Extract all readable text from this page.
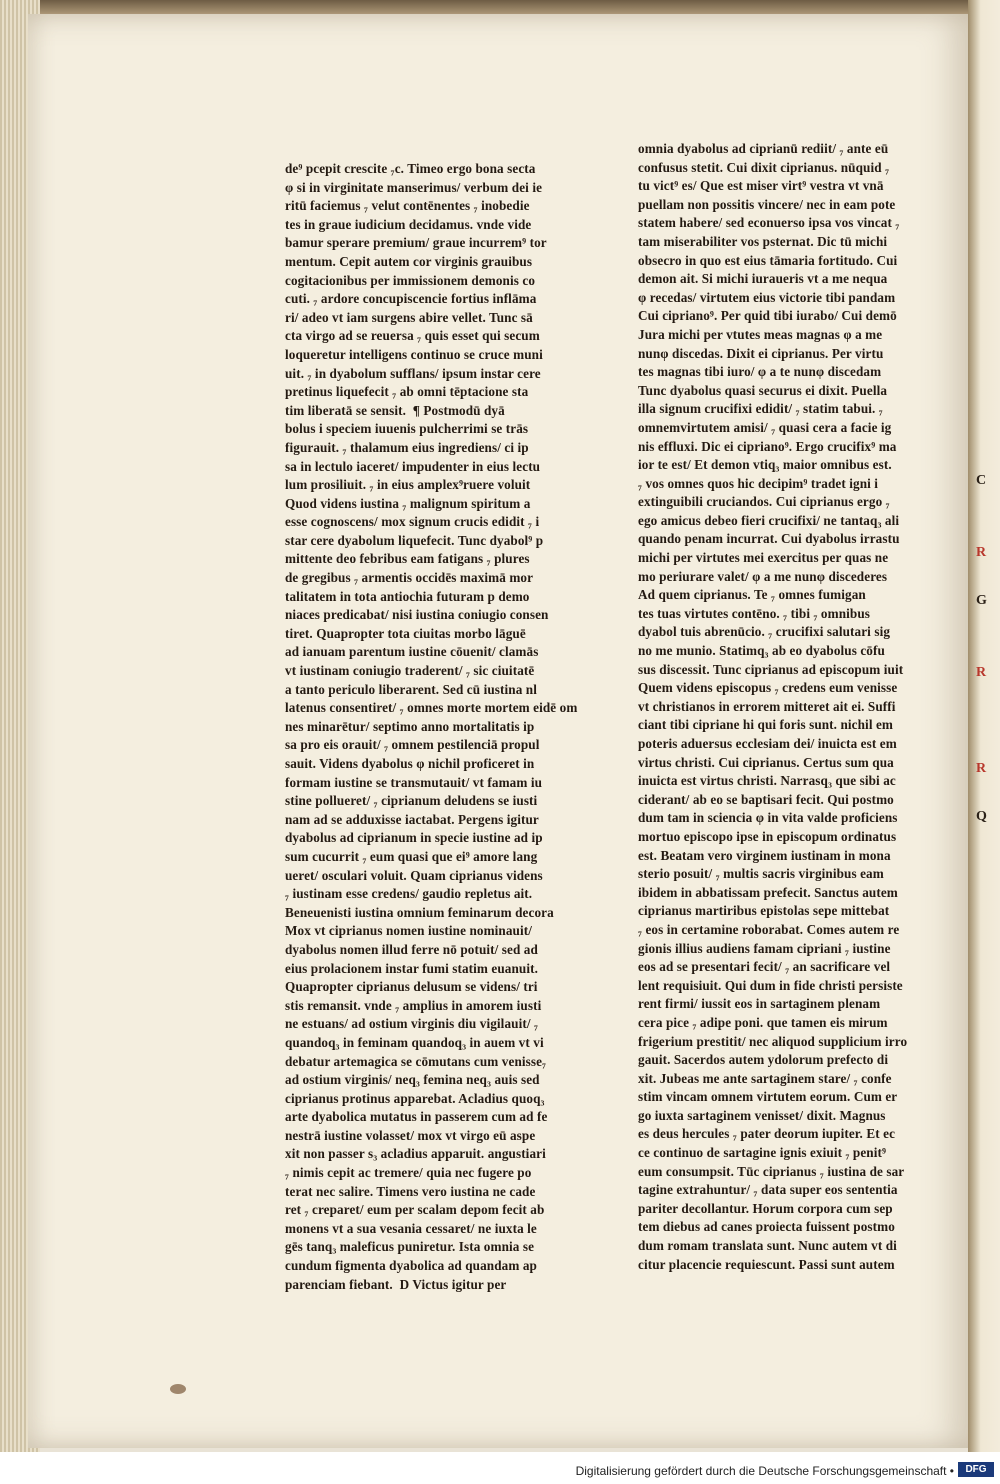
de⁹ pcepit crescite ₇c. Timeo ergo bona secta
φ si in virginitate manserimus/ verbum dei ie
ritū faciemus ₇ velut contēnentes ₇ inobedie
tes in graue iudicium decidamus. vnde vide
bamur sperare premium/ graue incurrem⁹ tor
mentum. Cepit autem cor virginis grauibus
cogitacionibus per immissionem demonis co
cuti. ₇ ardore concupiscencie fortius inflāma
ri/ adeo vt iam surgens abire vellet. Tunc sā
cta virgo ad se reuersa ₇ quis esset qui secum
loqueretur intelligens continuo se cruce muni
uit. ₇ in dyabolum sufflans/ ipsum instar cere
pretinus liquefecit ₇ ab omni tēptacione sta
tim liberatā se sensit.  ¶ Postmodū dyā
bolus i speciem iuuenis pulcherrimi se trās
figurauit. ₇ thalamum eius ingrediens/ ci ip
sa in lectulo iaceret/ impudenter in eius lectu
lum prosiliuit. ₇ in eius amplex⁹ruere voluit
Quod videns iustina ₇ malignum spiritum a
esse cognoscens/ mox signum crucis edidit ₇ i
star cere dyabolum liquefecit. Tunc dyabol⁹ p
mittente deo febribus eam fatigans ₇ plures
de gregibus ₇ armentis occidēs maximā mor
talitatem in tota antiochia futuram p demo
niaces predicabat/ nisi iustina coniugio consen
tiret. Quapropter tota ciuitas morbo lāguē
ad ianuam parentum iustine cōuenit/ clamās
vt iustinam coniugio traderent/ ₇ sic ciuitatē
a tanto periculo liberarent. Sed cū iustina nl
latenus consentiret/ ₇ omnes morte mortem eidē om
nes minarētur/ septimo anno mortalitatis ip
sa pro eis orauit/ ₇ omnem pestilenciā propul
sauit. Videns dyabolus φ nichil proficeret in
formam iustine se transmutauit/ vt famam iu
stine pollueret/ ₇ ciprianum deludens se iusti
nam ad se adduxisse iactabat. Pergens igitur
dyabolus ad ciprianum in specie iustine ad ip
sum cucurrit ₇ eum quasi que ei⁹ amore lang
ueret/ osculari voluit. Quam ciprianus videns
₇ iustinam esse credens/ gaudio repletus ait.
Beneuenisti iustina omnium feminarum decora
Mox vt ciprianus nomen iustine nominauit/
dyabolus nomen illud ferre nō potuit/ sed ad
eius prolacionem instar fumi statim euanuit.
Quapropter ciprianus delusum se videns/ tri
stis remansit. vnde ₇ amplius in amorem iusti
ne estuans/ ad ostium virginis diu vigilauit/ ₇
quandoq₃ in feminam quandoq₃ in auem vt vi
debatur artemagica se cōmutans cum venisse₇
ad ostium virginis/ neq₃ femina neq₃ auis sed
ciprianus protinus apparebat. Acladius quoq₃
arte dyabolica mutatus in passerem cum ad fe
nestrā iustine volasset/ mox vt virgo eū aspe
xit non passer s₃ acladius apparuit. angustiari
₇ nimis cepit ac tremere/ quia nec fugere po
terat nec salire. Timens vero iustina ne cade
ret ₇ creparet/ eum per scalam depom fecit ab
monens vt a sua vesania cessaret/ ne iuxta le
gēs tanq₃ maleficus puniretur. Ista omnia se
cundum figmenta dyabolica ad quandam ap
parenciam fiebant.  D Victus igitur per
omnia dyabolus ad ciprianū rediit/ ₇ ante eū
confusus stetit. Cui dixit ciprianus. nūquid ₇
tu vict⁹ es/ Que est miser virt⁹ vestra vt vnā
puellam non possitis vincere/ nec in eam pote
statem habere/ sed econuerso ipsa vos vincat ₇
tam miserabiliter vos psternat. Dic tū michi
obsecro in quo est eius tāmaria fortitudo. Cui
demon ait. Si michi iuraueris vt a me nequa
φ recedas/ virtutem eius victorie tibi pandam
Cui cipriano⁹. Per quid tibi iurabo/ Cui demō
Jura michi per vtutes meas magnas φ a me
nunφ discedas. Dixit ei ciprianus. Per virtu
tes magnas tibi iuro/ φ a te nunφ discedam
Tunc dyabolus quasi securus ei dixit. Puella
illa signum crucifixi edidit/ ₇ statim tabui. ₇
omnemvirtutem amisi/ ₇ quasi cera a facie ig
nis effluxi. Dic ei cipriano⁹. Ergo crucifix⁹ ma
ior te est/ Et demon vtiq₃ maior omnibus est.
₇ vos omnes quos hic decipim⁹ tradet igni i
extinguibili cruciandos. Cui ciprianus ergo ₇
ego amicus debeo fieri crucifixi/ ne tantaq₃ ali
quando penam incurrat. Cui dyabolus irrastu
michi per virtutes mei exercitus per quas ne
mo periurare valet/ φ a me nunφ discederes
Ad quem ciprianus. Te ₇ omnes fumigan
tes tuas virtutes contēno. ₇ tibi ₇ omnibus
dyabol tuis abrenūcio. ₇ crucifixi salutari sig
no me munio. Statimq₃ ab eo dyabolus cōfu
sus discessit. Tunc ciprianus ad episcopum iuit
Quem videns episcopus ₇ credens eum venisse
vt christianos in errorem mitteret ait ei. Suffi
ciant tibi cipriane hi qui foris sunt. nichil em
poteris aduersus ecclesiam dei/ inuicta est em
virtus christi. Cui ciprianus. Certus sum qua
inuicta est virtus christi. Narrasq₃ que sibi ac
ciderant/ ab eo se baptisari fecit. Qui postmo
dum tam in sciencia φ in vita valde proficiens
mortuo episcopo ipse in episcopum ordinatus
est. Beatam vero virginem iustinam in mona
sterio posuit/ ₇ multis sacris virginibus eam
ibidem in abbatissam prefecit. Sanctus autem
ciprianus martiribus epistolas sepe mittebat
₇ eos in certamine roborabat. Comes autem re
gionis illius audiens famam cipriani ₇ iustine
eos ad se presentari fecit/ ₇ an sacrificare vel
lent requisiuit. Qui dum in fide christi persiste
rent firmi/ iussit eos in sartaginem plenam
cera pice ₇ adipe poni. que tamen eis mirum
frigerium prestitit/ nec aliquod supplicium irro
gauit. Sacerdos autem ydolorum prefecto di
xit. Jubeas me ante sartaginem stare/ ₇ confe
stim vincam omnem virtutem eorum. Cum er
go iuxta sartaginem venisset/ dixit. Magnus
es deus hercules ₇ pater deorum iupiter. Et ec
ce continuo de sartagine ignis exiuit ₇ penit⁹
eum consumpsit. Tūc ciprianus ₇ iustina de sar
tagine extrahuntur/ ₇ data super eos sententia
pariter decollantur. Horum corpora cum sep
tem diebus ad canes proiecta fuissent postmo
dum romam translata sunt. Nunc autem vt di
citur placencie requiescunt. Passi sunt autem
C
R
G
R
R
Q
Digitalisierung gefördert durch die Deutsche Forschungsgemeinschaft •	DFG
